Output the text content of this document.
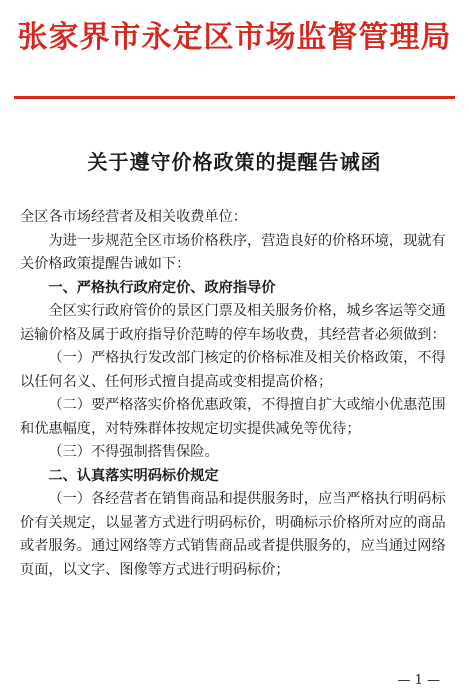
张家界市永定区市场监督管理局
关于遵守价格政策的提醒告诫函

全区各市场经营者及相关收费单位：

为进一步规范全区市场价格秩序，营造良好的价格环境，现就有关价格政策提醒告诫如下：

一、严格执行政府定价、政府指导价

全区实行政府管价的景区门票及相关服务价格，城乡客运等交通运输价格及属于政府指导价范畴的停车场收费，其经营者必须做到：

（一）严格执行发改部门核定的价格标准及相关价格政策，不得以任何名义、任何形式擅自提高或变相提高价格；

（二）要严格落实价格优惠政策，不得擅自扩大或缩小优惠范围和优惠幅度，对特殊群体按规定切实提供减免等优待；

（三）不得强制搭售保险。

二、认真落实明码标价规定

（一）各经营者在销售商品和提供服务时，应当严格执行明码标价有关规定，以显著方式进行明码标价，明确标示价格所对应的商品或者服务。通过网络等方式销售商品或者提供服务的，应当通过网络页面，以文字、图像等方式进行明码标价；

— 1 —
